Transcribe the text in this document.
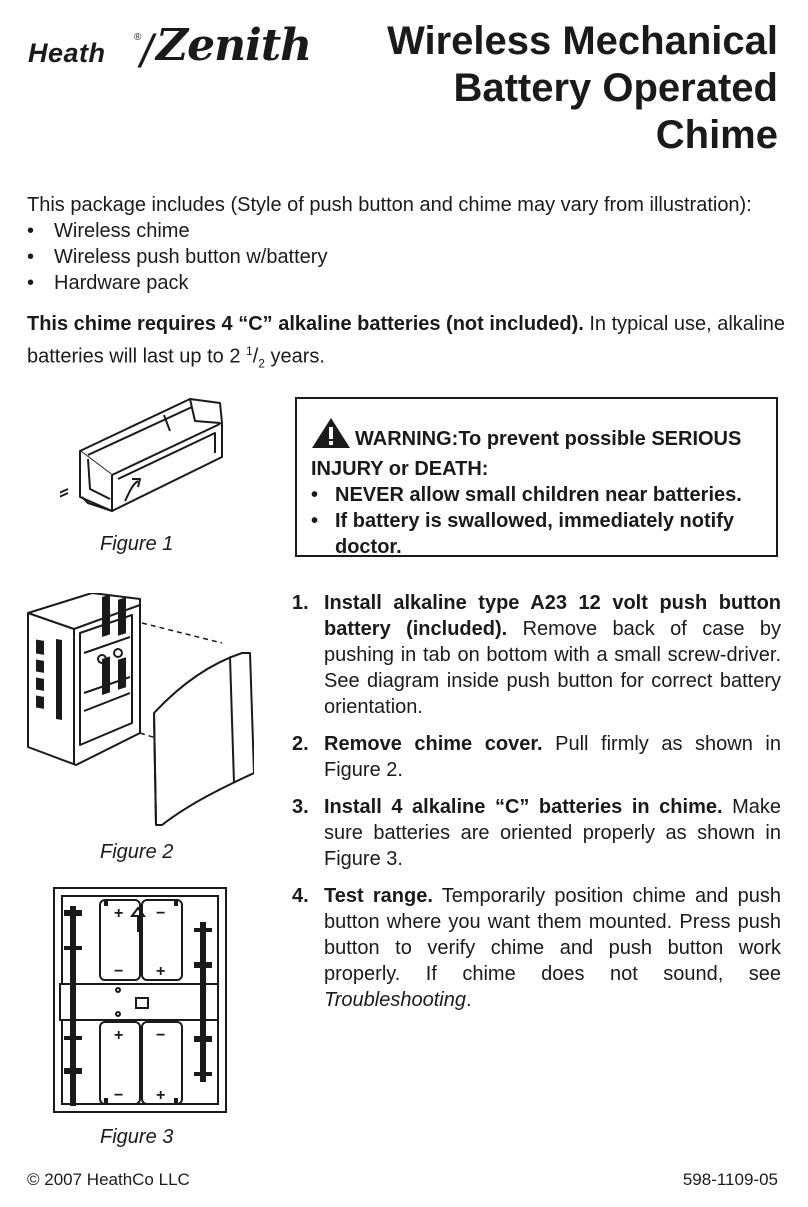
Heath
®
/ Zenith	Wireless Mechanical
Battery Operated
Chime
This package includes (Style of push button and chime may vary from illustration):
• Wireless chime
• Wireless push button w/battery
• Hardware pack
This chime requires 4 “C” alkaline batteries (not included). In typical use, alkaline batteries will last up to 2 $^1/_2$ years.
Figure 1
Figure 2
+
−
−
+
+
−
−
+
Figure 3
WARNING:To prevent possible SERIOUS INJURY or DEATH:
• NEVER allow small children near batteries.
• If battery is swallowed, immediately notify doctor.
1. Install alkaline type A23 12 volt push button battery (included). Remove back of case by pushing in tab on bottom with a small screw-driver. See diagram inside push button for correct battery orientation.
2. Remove chime cover. Pull firmly as shown in Figure 2.
3. Install 4 alkaline “C” batteries in chime. Make sure batteries are oriented properly as shown in Figure 3.
4. Test range. Temporarily position chime and push button where you want them mounted. Press push button to verify chime and push button work properly. If chime does not sound, see Troubleshooting.
© 2007 HeathCo LLC	598-1109-05
